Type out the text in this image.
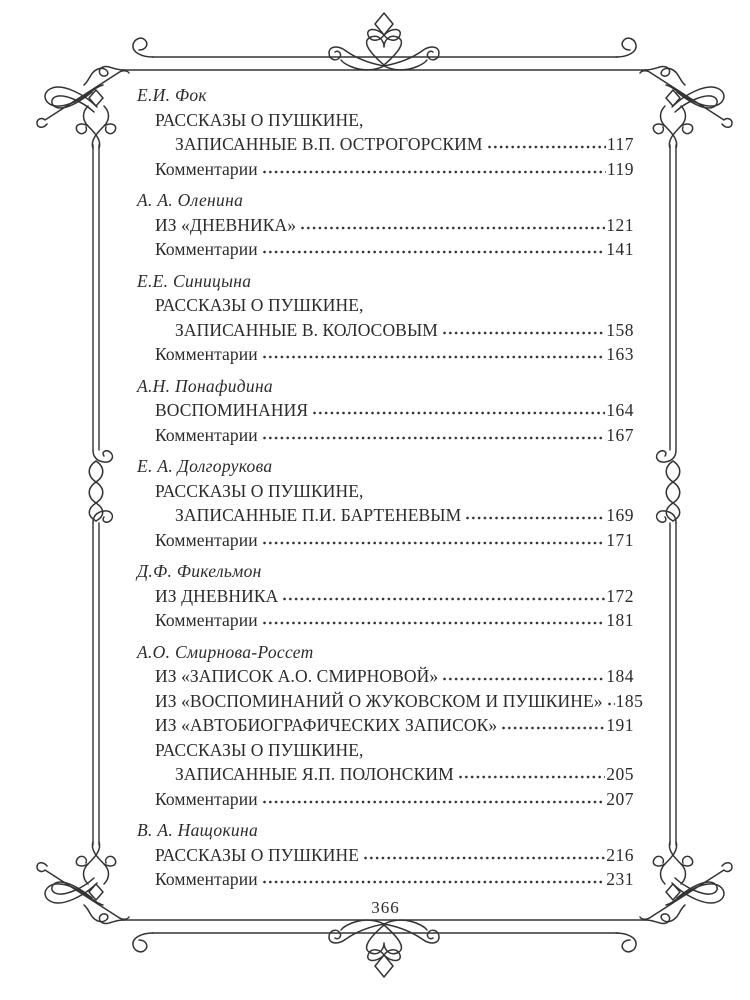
Е.И. Фок
РАССКАЗЫ О ПУШКИНЕ,
ЗАПИСАННЫЕ В.П. ОСТРОГОРСКИМ	117
Комментарии	119
А. А. Оленина
ИЗ «ДНЕВНИКА»	121
Комментарии	141
Е.Е. Синицына
РАССКАЗЫ О ПУШКИНЕ,
ЗАПИСАННЫЕ В. КОЛОСОВЫМ	158
Комментарии	163
А.Н. Понафидина
ВОСПОМИНАНИЯ	164
Комментарии	167
Е. А. Долгорукова
РАССКАЗЫ О ПУШКИНЕ,
ЗАПИСАННЫЕ П.И. БАРТЕНЕВЫМ	169
Комментарии	171
Д.Ф. Фикельмон
ИЗ ДНЕВНИКА	172
Комментарии	181
А.О. Смирнова-Россет
ИЗ «ЗАПИСОК А.О. СМИРНОВОЙ»	184
ИЗ «ВОСПОМИНАНИЙ О ЖУКОВСКОМ И ПУШКИНЕ» 185
ИЗ «АВТОБИОГРАФИЧЕСКИХ ЗАПИСОК»	191
РАССКАЗЫ О ПУШКИНЕ,
ЗАПИСАННЫЕ Я.П. ПОЛОНСКИМ	205
Комментарии	207
В. А. Нащокина
РАССКАЗЫ О ПУШКИНЕ	216
Комментарии	231
366
